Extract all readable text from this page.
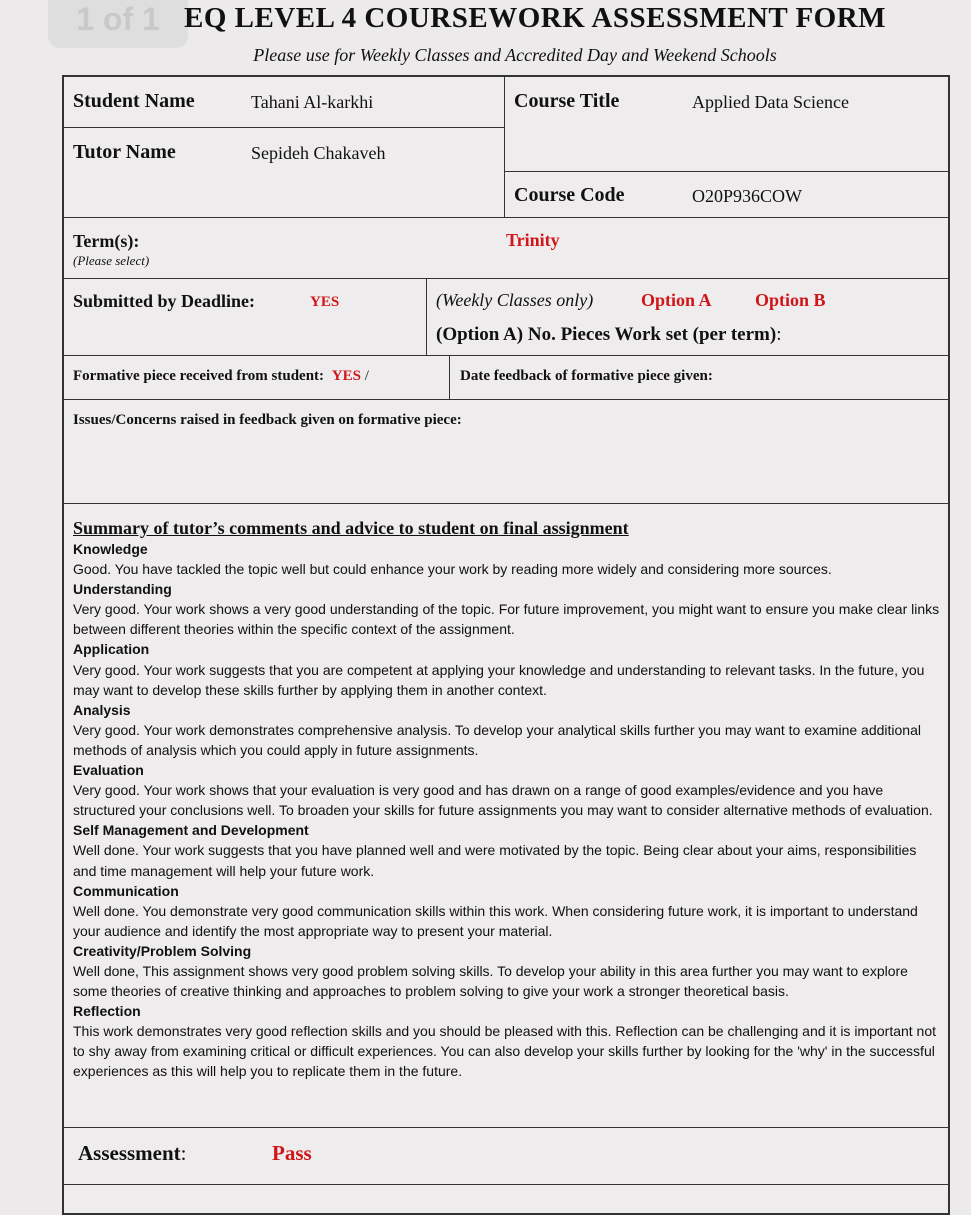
1 of 1 EQ LEVEL 4 COURSEWORK ASSESSMENT FORM
Please use for Weekly Classes and Accredited Day and Weekend Schools
Student Name	Tahani Al-karkhi
Tutor Name	Sepideh Chakaveh
Course Title	Applied Data Science
Course Code	O20P936COW
Term(s):
(Please select)
Trinity
Submitted by Deadline:	YES	(Weekly Classes only)	Option A Option B
(Option A) No. Pieces Work set (per term):
Formative piece received from student: YES /	Date feedback of formative piece given:
Issues/Concerns raised in feedback given on formative piece:
Summary of tutor’s comments and advice to student on final assignment
Knowledge

Good. You have tackled the topic well but could enhance your work by reading more widely and considering more sources.

Understanding

Very good. Your work shows a very good understanding of the topic. For future improvement, you might want to ensure you make clear links between different theories within the specific context of the assignment.

Application

Very good. Your work suggests that you are competent at applying your knowledge and understanding to relevant tasks. In the future, you may want to develop these skills further by applying them in another context.

Analysis

Very good. Your work demonstrates comprehensive analysis. To develop your analytical skills further you may want to examine additional methods of analysis which you could apply in future assignments.

Evaluation

Very good. Your work shows that your evaluation is very good and has drawn on a range of good examples/evidence and you have structured your conclusions well. To broaden your skills for future assignments you may want to consider alternative methods of evaluation.

Self Management and Development

Well done. Your work suggests that you have planned well and were motivated by the topic. Being clear about your aims, responsibilities and time management will help your future work.

Communication

Well done. You demonstrate very good communication skills within this work. When considering future work, it is important to understand your audience and identify the most appropriate way to present your material.

Creativity/Problem Solving

Well done, This assignment shows very good problem solving skills. To develop your ability in this area further you may want to explore some theories of creative thinking and approaches to problem solving to give your work a stronger theoretical basis.

Reflection

This work demonstrates very good reflection skills and you should be pleased with this. Reflection can be challenging and it is important not to shy away from examining critical or difficult experiences. You can also develop your skills further by looking for the 'why' in the successful experiences as this will help you to replicate them in the future.

Assessment:	Pass
